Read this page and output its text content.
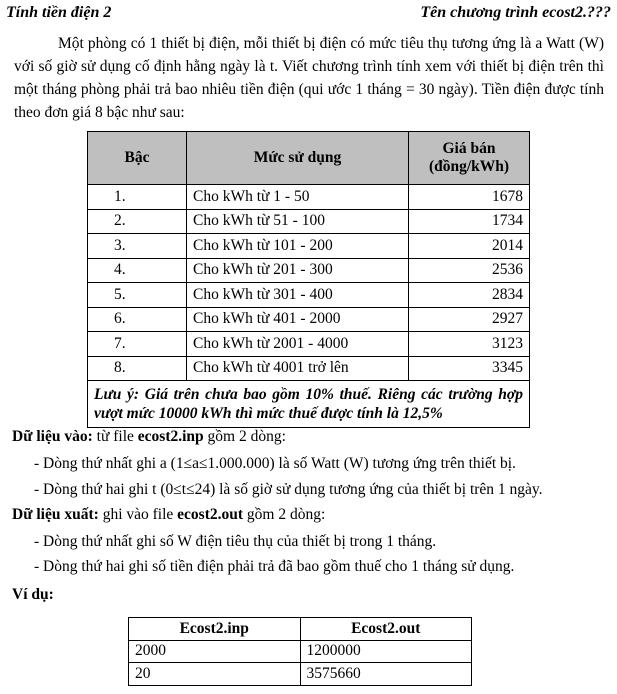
Tính tiền điện 2	Tên chương trình ecost2.???

Một phòng có 1 thiết bị điện, mỗi thiết bị điện có mức tiêu thụ tương ứng là a Watt (W) với số giờ sử dụng cố định hằng ngày là t. Viết chương trình tính xem với thiết bị điện trên thì một tháng phòng phải trả bao nhiêu tiền điện (qui ước 1 tháng = 30 ngày). Tiền điện được tính theo đơn giá 8 bậc như sau:

Bậc	Mức sử dụng	Giá bán (đồng/kWh)
1.	Cho kWh từ 1 - 50	1678
2.	Cho kWh từ 51 - 100	1734
3.	Cho kWh từ 101 - 200	2014
4.	Cho kWh từ 201 - 300	2536
5.	Cho kWh từ 301 - 400	2834
6.	Cho kWh từ 401 - 2000	2927
7.	Cho kWh từ 2001 - 4000	3123
8.	Cho kWh từ 4001 trở lên	3345
Lưu ý: Giá trên chưa bao gồm 10% thuế. Riêng các trường hợp vượt mức 10000 kWh thì mức thuế được tính là 12,5%		
Dữ liệu vào: từ file ecost2.inp gồm 2 dòng:
- Dòng thứ nhất ghi a (1≤a≤1.000.000) là số Watt (W) tương ứng trên thiết bị.
- Dòng thứ hai ghi t (0≤t≤24) là số giờ sử dụng tương ứng của thiết bị trên 1 ngày.
Dữ liệu xuất: ghi vào file ecost2.out gồm 2 dòng:
- Dòng thứ nhất ghi số W điện tiêu thụ của thiết bị trong 1 tháng.
- Dòng thứ hai ghi số tiền điện phải trả đã bao gồm thuế cho 1 tháng sử dụng.
Ví dụ:
Ecost2.inp	Ecost2.out
2000	1200000
20	3575660
